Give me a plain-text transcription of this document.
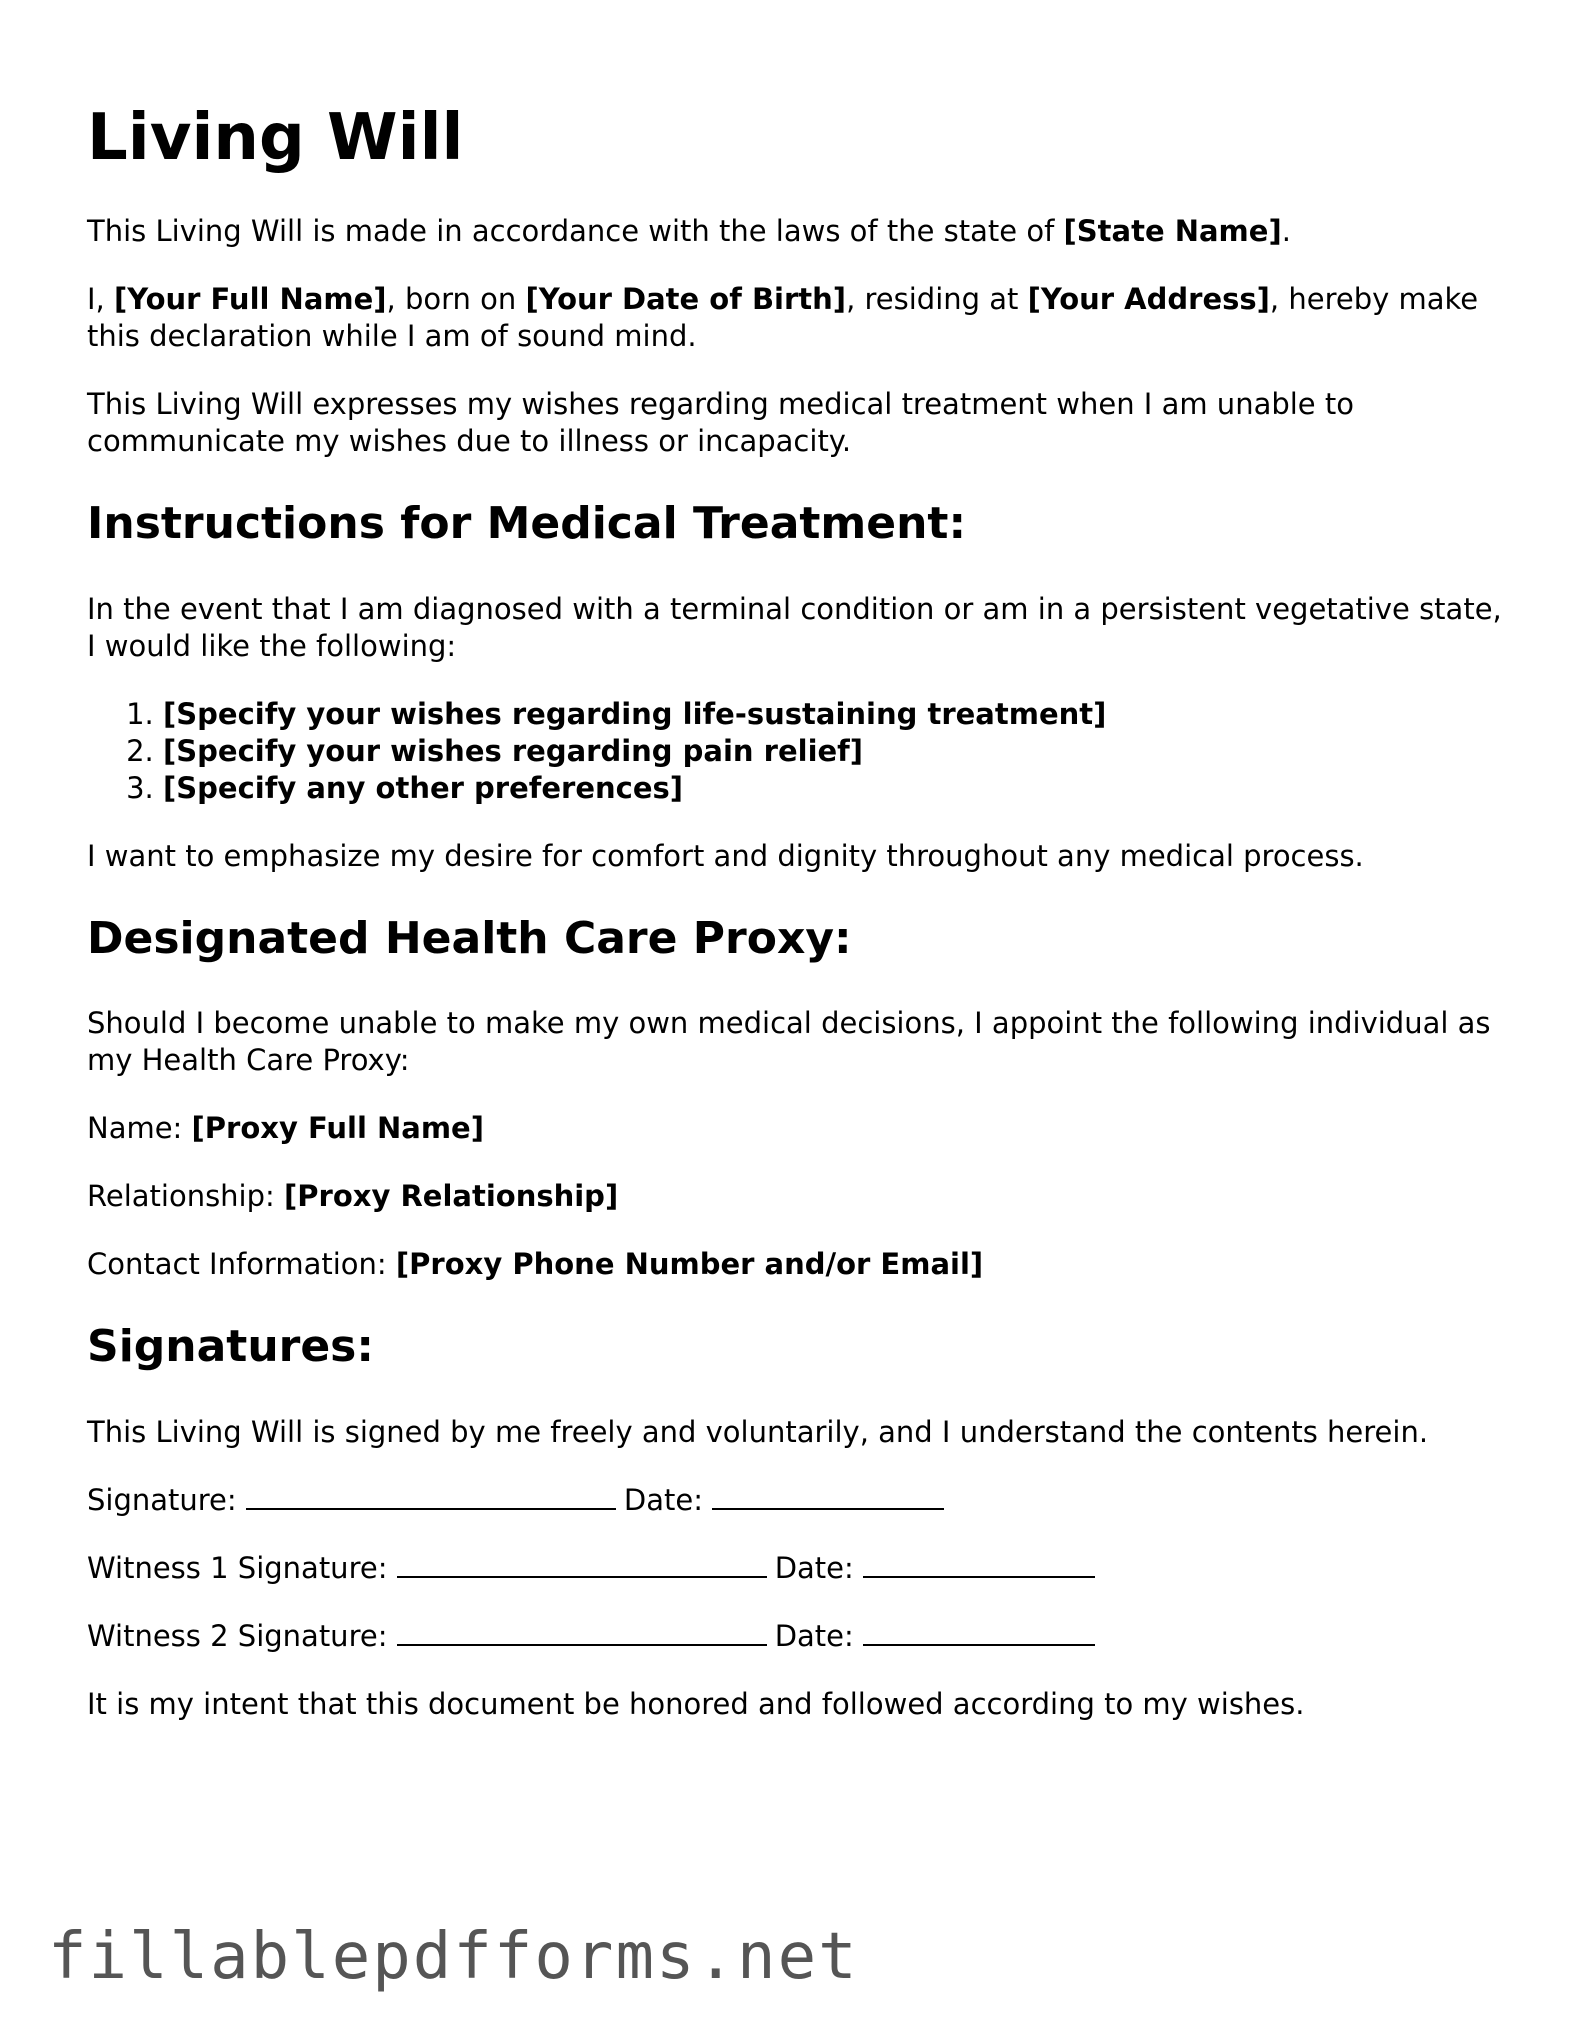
Living Will

This Living Will is made in accordance with the laws of the state of [State Name].

I, [Your Full Name], born on [Your Date of Birth], residing at [Your Address], hereby make this declaration while I am of sound mind.

This Living Will expresses my wishes regarding medical treatment when I am unable to communicate my wishes due to illness or incapacity.

Instructions for Medical Treatment:

In the event that I am diagnosed with a terminal condition or am in a persistent vegetative state, I would like the following:

1. [Specify your wishes regarding life-sustaining treatment]
2. [Specify your wishes regarding pain relief]
3. [Specify any other preferences]

I want to emphasize my desire for comfort and dignity throughout any medical process.

Designated Health Care Proxy:

Should I become unable to make my own medical decisions, I appoint the following individual as my Health Care Proxy:

Name: [Proxy Full Name]

Relationship: [Proxy Relationship]

Contact Information: [Proxy Phone Number and/or Email]

Signatures:

This Living Will is signed by me freely and voluntarily, and I understand the contents herein.

Signature:	Date:

Witness 1 Signature:	Date:

Witness 2 Signature:	Date:

It is my intent that this document be honored and followed according to my wishes.

fillablepdfforms.net
